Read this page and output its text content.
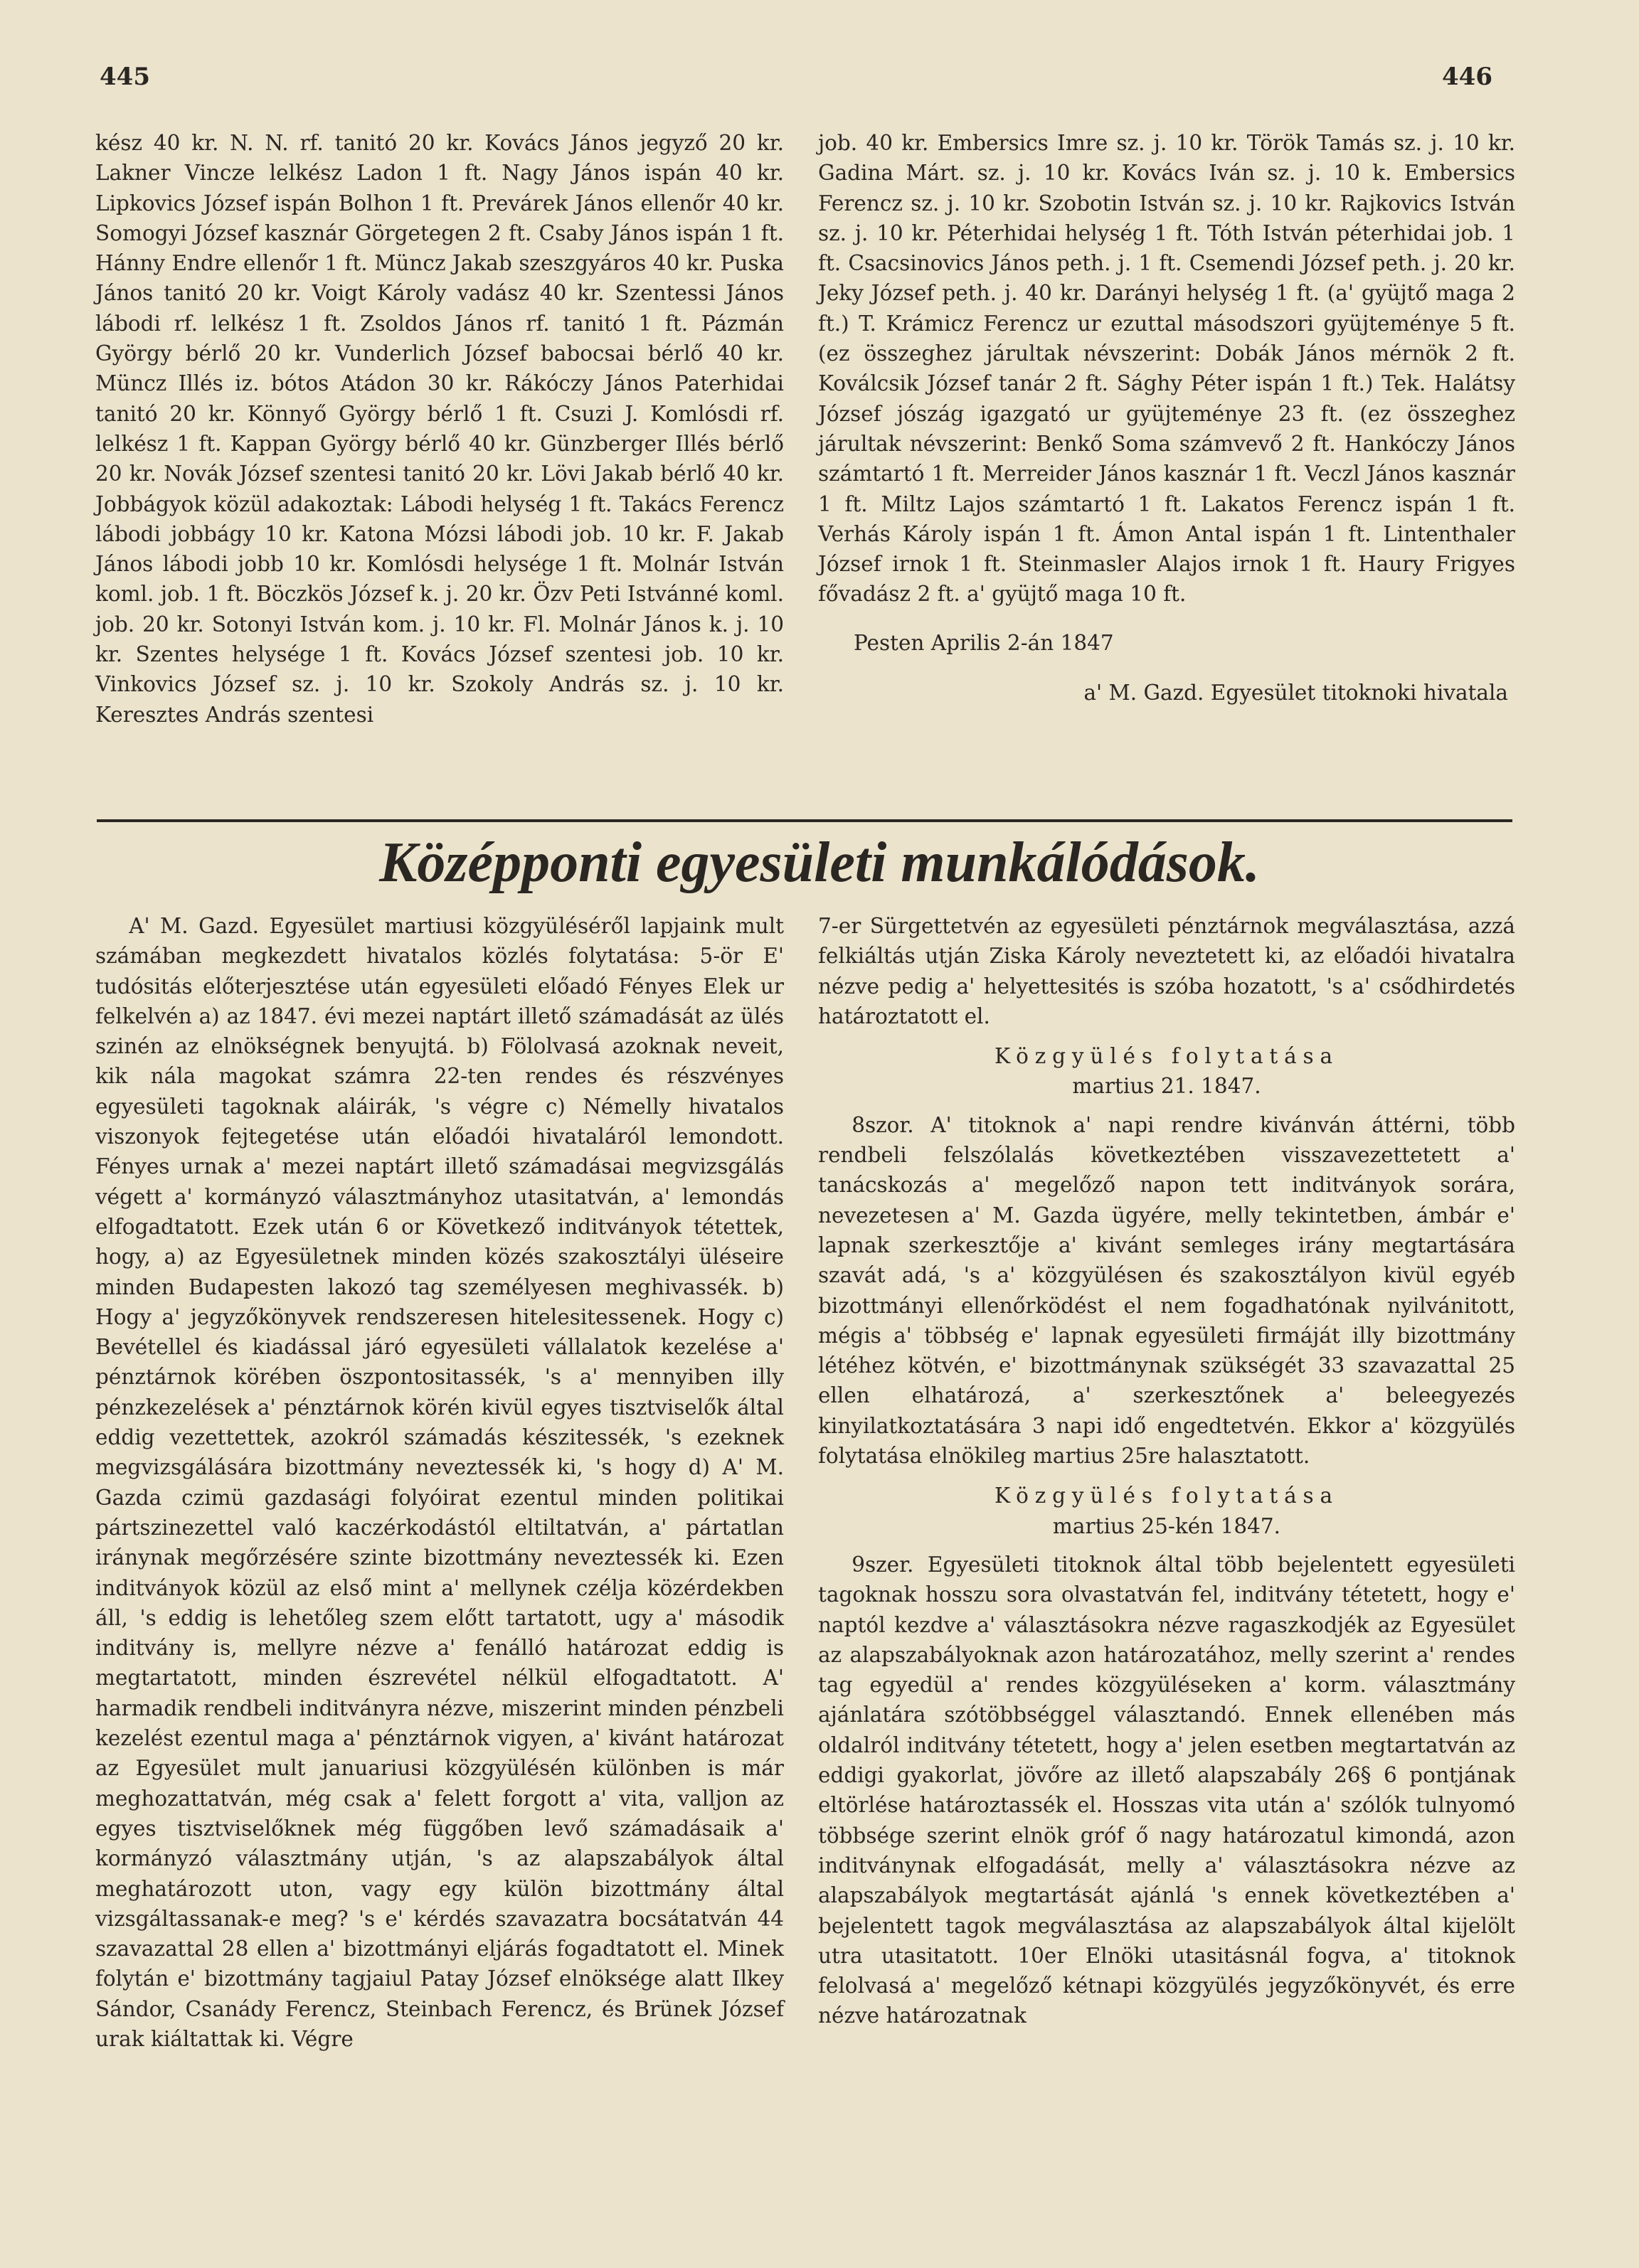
445	446

kész 40 kr. N. N. rf. tanitó 20 kr. Kovács János jegyző 20 kr. Lakner Vincze lelkész Ladon 1 ft. Nagy János ispán 40 kr. Lipkovics József ispán Bolhon 1 ft. Prevárek János ellenőr 40 kr. Somogyi József kasznár Görgetegen 2 ft. Csaby János ispán 1 ft. Hánny Endre ellenőr 1 ft. Müncz Jakab szeszgyáros 40 kr. Puska János tanitó 20 kr. Voigt Károly vadász 40 kr. Szentessi János lábodi rf. lelkész 1 ft. Zsoldos János rf. tanitó 1 ft. Pázmán György bérlő 20 kr. Vunderlich József babocsai bérlő 40 kr. Müncz Illés iz. bótos Atádon 30 kr. Rákóczy János Paterhidai tanitó 20 kr. Könnyő György bérlő 1 ft. Csuzi J. Komlósdi rf. lelkész 1 ft. Kappan György bérlő 40 kr. Günzberger Illés bérlő 20 kr. Novák József szentesi tanitó 20 kr. Lövi Jakab bérlő 40 kr. Jobbágyok közül adakoztak: Lábodi helység 1 ft. Takács Ferencz lábodi jobbágy 10 kr. Katona Mózsi lábodi job. 10 kr. F. Jakab János lábodi jobb 10 kr. Komlósdi helysége 1 ft. Molnár István koml. job. 1 ft. Böczkös József k. j. 20 kr. Özv Peti Istvánné koml. job. 20 kr. Sotonyi István kom. j. 10 kr. Fl. Molnár János k. j. 10 kr. Szentes helysége 1 ft. Kovács József szentesi job. 10 kr. Vinkovics József sz. j. 10 kr. Szokoly András sz. j. 10 kr. Keresztes András szentesi

job. 40 kr. Embersics Imre sz. j. 10 kr. Török Tamás sz. j. 10 kr. Gadina Márt. sz. j. 10 kr. Kovács Iván sz. j. 10 k. Embersics Ferencz sz. j. 10 kr. Szobotin István sz. j. 10 kr. Rajkovics István sz. j. 10 kr. Péterhidai helység 1 ft. Tóth István péterhidai job. 1 ft. Csacsinovics János peth. j. 1 ft. Csemendi József peth. j. 20 kr. Jeky József peth. j. 40 kr. Darányi helység 1 ft. (a' gyüjtő maga 2 ft.) T. Krámicz Ferencz ur ezuttal másodszori gyüjteménye 5 ft. (ez összeghez járultak névszerint: Dobák János mérnök 2 ft. Koválcsik József tanár 2 ft. Sághy Péter ispán 1 ft.) Tek. Halátsy József jószág igazgató ur gyüjteménye 23 ft. (ez összeghez járultak névszerint: Benkő Soma számvevő 2 ft. Hankóczy János számtartó 1 ft. Merreider János kasznár 1 ft. Veczl János kasznár 1 ft. Miltz Lajos számtartó 1 ft. Lakatos Ferencz ispán 1 ft. Verhás Károly ispán 1 ft. Ámon Antal ispán 1 ft. Lintenthaler József irnok 1 ft. Steinmasler Alajos irnok 1 ft. Haury Frigyes fővadász 2 ft. a' gyüjtő maga 10 ft.

Pesten Aprilis 2-án 1847

a' M. Gazd. Egyesület titoknoki hivatala

Középponti egyesületi munkálódások.

A' M. Gazd. Egyesület martiusi közgyüléséről lapjaink mult számában megkezdett hivatalos közlés folytatása: 5-ör E' tudósitás előterjesztése után egyesületi előadó Fényes Elek ur felkelvén a) az 1847. évi mezei naptárt illető számadását az ülés szinén az elnökségnek benyujtá. b) Fölolvasá azoknak neveit, kik nála magokat számra 22-ten rendes és részvényes egyesületi tagoknak aláirák, 's végre c) Némelly hivatalos viszonyok fejtegetése után előadói hivataláról lemondott. Fényes urnak a' mezei naptárt illető számadásai megvizsgálás végett a' kormányzó választmányhoz utasitatván, a' lemondás elfogadtatott. Ezek után 6 or Következő inditványok tétettek, hogy, a) az Egyesületnek minden közés szakosztályi üléseire minden Budapesten lakozó tag személyesen meghivassék. b) Hogy a' jegyzőkönyvek rendszeresen hitelesitessenek. Hogy c) Bevétellel és kiadással járó egyesületi vállalatok kezelése a' pénztárnok körében öszpontositassék, 's a' mennyiben illy pénzkezelések a' pénztárnok körén kivül egyes tisztviselők által eddig vezettettek, azokról számadás készitessék, 's ezeknek megvizsgálására bizottmány neveztessék ki, 's hogy d) A' M. Gazda czimü gazdasági folyóirat ezentul minden politikai pártszinezettel való kaczérkodástól eltiltatván, a' pártatlan iránynak megőrzésére szinte bizottmány neveztessék ki. Ezen inditványok közül az első mint a' mellynek czélja közérdekben áll, 's eddig is lehetőleg szem előtt tartatott, ugy a' második inditvány is, mellyre nézve a' fenálló határozat eddig is megtartatott, minden észrevétel nélkül elfogadtatott. A' harmadik rendbeli inditványra nézve, miszerint minden pénzbeli kezelést ezentul maga a' pénztárnok vigyen, a' kivánt határozat az Egyesület mult januariusi közgyülésén különben is már meghozattatván, még csak a' felett forgott a' vita, valljon az egyes tisztviselőknek még függőben levő számadásaik a' kormányzó választmány utján, 's az alapszabályok által meghatározott uton, vagy egy külön bizottmány által vizsgáltassanak-e meg? 's e' kérdés szavazatra bocsátatván 44 szavazattal 28 ellen a' bizottmányi eljárás fogadtatott el. Minek folytán e' bizottmány tagjaiul Patay József elnöksége alatt Ilkey Sándor, Csanády Ferencz, Steinbach Ferencz, és Brünek József urak kiáltattak ki. Végre

7-er Sürgettetvén az egyesületi pénztárnok megválasztása, azzá felkiáltás utján Ziska Károly neveztetett ki, az előadói hivatalra nézve pedig a' helyettesités is szóba hozatott, 's a' csődhirdetés határoztatott el.

Közgyülés folytatása

martius 21. 1847.

8szor. A' titoknok a' napi rendre kivánván áttérni, több rendbeli felszólalás következtében visszavezettetett a' tanácskozás a' megelőző napon tett inditványok sorára, nevezetesen a' M. Gazda ügyére, melly tekintetben, ámbár e' lapnak szerkesztője a' kivánt semleges irány megtartására szavát adá, 's a' közgyülésen és szakosztályon kivül egyéb bizottmányi ellenőrködést el nem fogadhatónak nyilvánitott, mégis a' többség e' lapnak egyesületi firmáját illy bizottmány létéhez kötvén, e' bizottmánynak szükségét 33 szavazattal 25 ellen elhatározá, a' szerkesztőnek a' beleegyezés kinyilatkoztatására 3 napi idő engedtetvén. Ekkor a' közgyülés folytatása elnökileg martius 25re halasztatott.

Közgyülés folytatása

martius 25-kén 1847.

9szer. Egyesületi titoknok által több bejelentett egyesületi tagoknak hosszu sora olvastatván fel, inditvány tétetett, hogy e' naptól kezdve a' választásokra nézve ragaszkodjék az Egyesület az alapszabályoknak azon határozatához, melly szerint a' rendes tag egyedül a' rendes közgyüléseken a' korm. választmány ajánlatára szótöbbséggel választandó. Ennek ellenében más oldalról inditvány tétetett, hogy a' jelen esetben megtartatván az eddigi gyakorlat, jövőre az illető alapszabály 26§ 6 pontjának eltörlése határoztassék el. Hosszas vita után a' szólók tulnyomó többsége szerint elnök gróf ő nagy határozatul kimondá, azon inditványnak elfogadását, melly a' választásokra nézve az alapszabályok megtartását ajánlá 's ennek következtében a' bejelentett tagok megválasztása az alapszabályok által kijelölt utra utasitatott. 10er Elnöki utasitásnál fogva, a' titoknok felolvasá a' megelőző kétnapi közgyülés jegyzőkönyvét, és erre nézve határozatnak
